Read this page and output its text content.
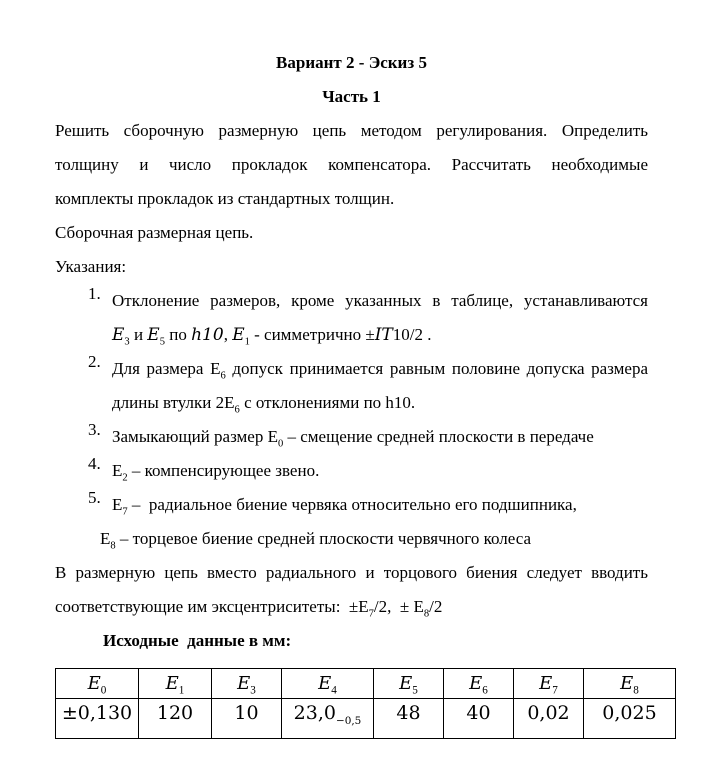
Вариант 2 - Эскиз 5
Часть 1
Решить сборочную размерную цепь методом регулирования. Определить
толщину и число прокладок компенсатора. Рассчитать необходимые
комплекты прокладок из стандартных толщин.
Сборочная размерная цепь.
Указания:
1. Отклонение размеров, кроме указанных в таблице, устанавливаются
$E_3$ и $E_5$ по h10, $E_1$ - симметрично ±IT10/2 .
2. Для размера $Е_6$ допуск принимается равным половине допуска размера
длины втулки $2Е_6$ с отклонениями по h10.
3. Замыкающий размер $Е_0$ – смещение средней плоскости в передаче
4. $Е_2$ – компенсирующее звено.
5. $Е_7$ –  радиальное биение червяка относительно его подшипника,
$Е_8$ – торцевое биение средней плоскости червячного колеса
В размерную цепь вместо радиального и торцового биения следует вводить
соответствующие им эксцентриситеты:  $\pm Е_7/2$,  ± $Е_8/2$
Исходные  данные в мм:
$E_0$	$E_1$	$E_3$	$E_4$	$E_5$	$E_6$	$E_7$	$E_8$
±0,130	120	10	$23,0_{-0,5}$	48	40	0,02	0,025
